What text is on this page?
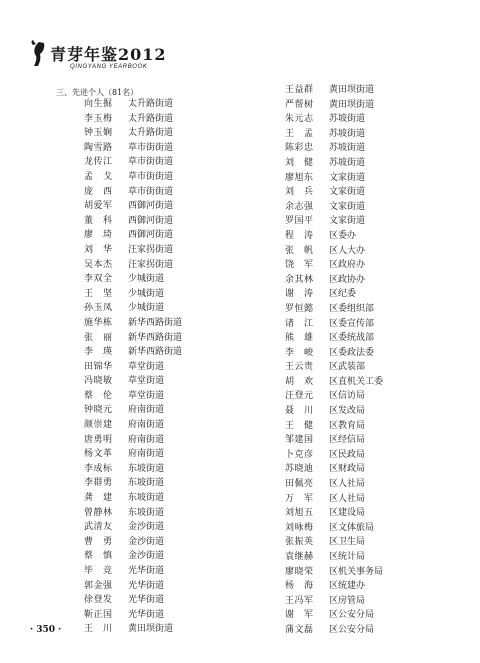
青芽年鉴2012
QINGYANG YEARBOOK
三、先进个人（81名）
向生掘 太升路街道
李玉梅 太升路街道
钟玉娴 太升路街道
陶雪路 草市街街道
龙传江 草市街街道
孟　戈 草市街街道
庞　西 草市街街道
胡爱军 西御河街道
董　科 西御河街道
廖　琦 西御河街道
刘　华 汪家拐街道
吴本杰 汪家拐街道
李双全 少城街道
王　坚 少城街道
孙玉凤 少城街道
施华栋 新华西路街道
张　丽 新华西路街道
李　瑛 新华西路街道
田锦华 草堂街道
冯晓敏 草堂街道
蔡　伦 草堂街道
钟晓元 府南街道
颜崇建 府南街道
唐勇明 府南街道
杨文革 府南街道
李成标 东坡街道
李群勇 东坡街道
龚　建 东坡街道
曾静林 东坡街道
武清友 金沙街道
曹　勇 金沙街道
蔡　慎 金沙街道
毕　竞 光华街道
郭金强 光华街道
徐登发 光华街道
靳正国 光华街道
王　川 黄田坝街道
王益群 黄田坝街道
严帮树 黄田坝街道
朱元志 苏坡街道
王　孟 苏坡街道
陈彩忠 苏坡街道
刘　健 苏坡街道
廖旭东 文家街道
刘　兵 文家街道
余志强 文家街道
罗国平 文家街道
程　涛 区委办
张　帆 区人大办
饶　军 区政府办
余其林 区政协办
谢　涛 区纪委
罗恒懿 区委组织部
诸　江 区委宣传部
熊　雄 区委统战部
李　峻 区委政法委
王云贵 区武装部
胡　欢 区直机关工委
汪登元 区信访局
聂　川 区发改局
王　健 区教育局
邹建国 区经信局
卜克彦 区民政局
苏晓迪 区财政局
田佩亮 区人社局
万　军 区人社局
刘旭五 区建设局
刘咏梅 区文体旅局
张振英 区卫生局
袁继赫 区统计局
廖晓荣 区机关事务局
杨　海 区统建办
王冯军 区房管局
谢　军 区公安分局
蒲文磊 区公安分局
· 350 ·
